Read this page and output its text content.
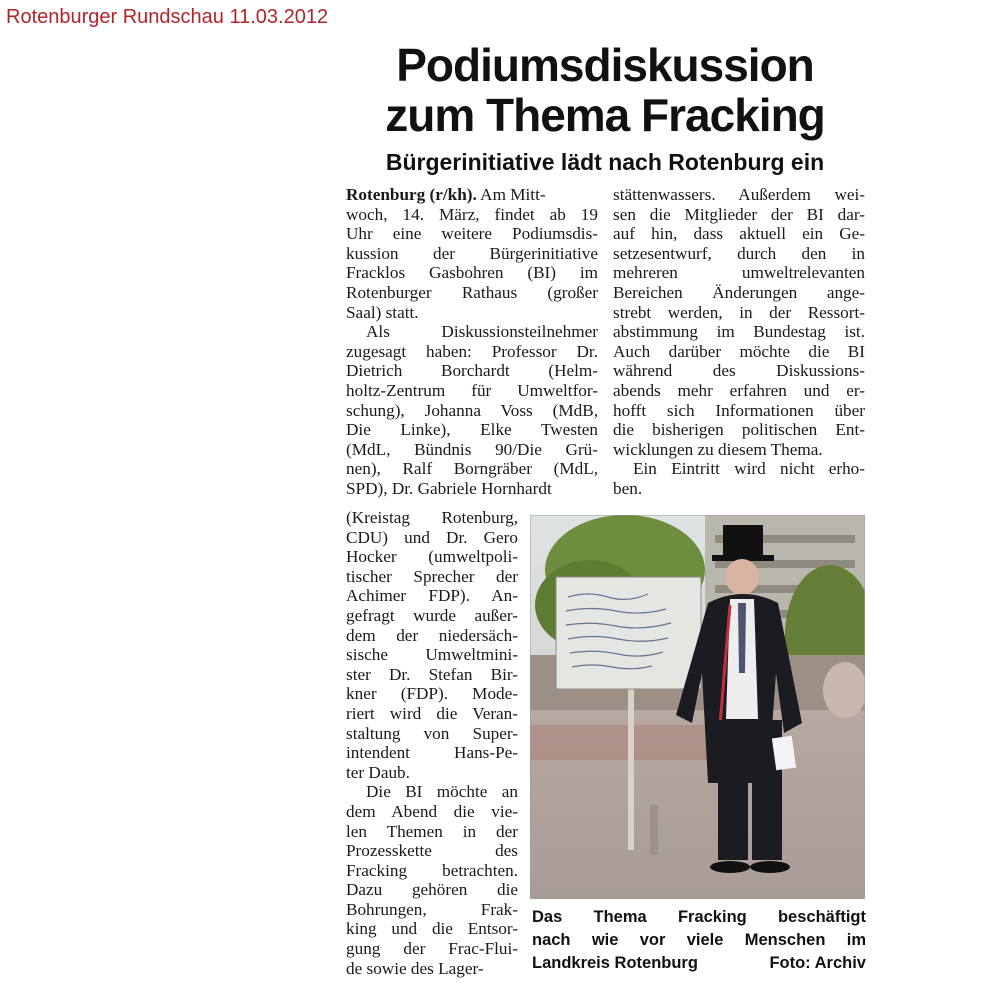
Rotenburger Rundschau 11.03.2012
Podiumsdiskussion
zum Thema Fracking
Bürgerinitiative lädt nach Rotenburg ein
Rotenburg (r/kh). Am Mitt-
woch, 14. März, findet ab 19
Uhr eine weitere Podiumsdis-
kussion der Bürgerinitiative
Fracklos Gasbohren (BI) im
Rotenburger Rathaus (großer
Saal) statt.
Als Diskussionsteilnehmer
zugesagt haben: Professor Dr.
Dietrich Borchardt (Helm-
holtz-Zentrum für Umweltfor-
schung), Johanna Voss (MdB,
Die Linke), Elke Twesten
(MdL, Bündnis 90/Die Grü-
nen), Ralf Borngräber (MdL,
SPD), Dr. Gabriele Hornhardt
(Kreistag Rotenburg,
CDU) und Dr. Gero
Hocker (umweltpoli-
tischer Sprecher der
Achimer FDP). An-
gefragt wurde außer-
dem der niedersäch-
sische Umweltmini-
ster Dr. Stefan Bir-
kner (FDP). Mode-
riert wird die Veran-
staltung von Super-
intendent Hans-Pe-
ter Daub.
Die BI möchte an
dem Abend die vie-
len Themen in der
Prozesskette des
Fracking betrachten.
Dazu gehören die
Bohrungen, Frak-
king und die Entsor-
gung der Frac-Flui-
de sowie des Lager-
stättenwassers. Außerdem wei-
sen die Mitglieder der BI dar-
auf hin, dass aktuell ein Ge-
setzesentwurf, durch den in
mehreren umweltrelevanten
Bereichen Änderungen ange-
strebt werden, in der Ressort-
abstimmung im Bundestag ist.
Auch darüber möchte die BI
während des Diskussions-
abends mehr erfahren und er-
hofft sich Informationen über
die bisherigen politischen Ent-
wicklungen zu diesem Thema.
Ein Eintritt wird nicht erho-
ben.
Das Thema Fracking beschäftigt
nach wie vor viele Menschen im
Landkreis Rotenburg	Foto: Archiv
